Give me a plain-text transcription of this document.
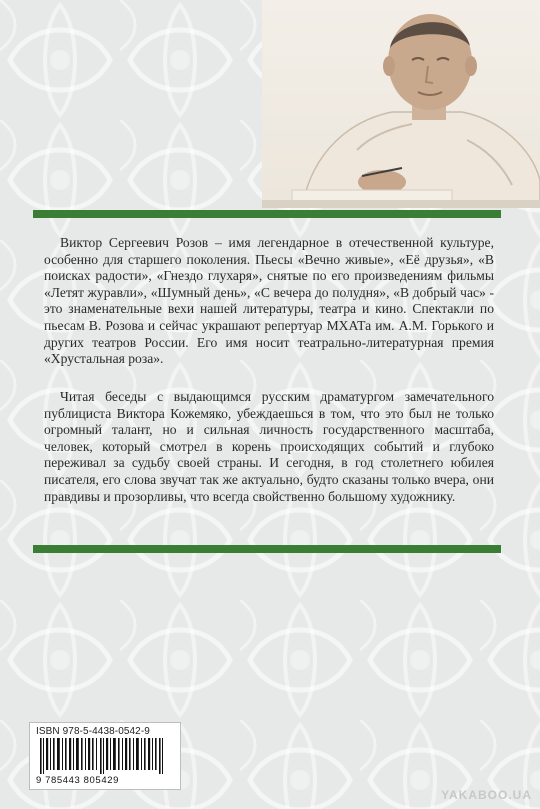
Виктор Сергеевич Розов – имя легендарное в отечественной культуре, особенно для старшего поколения. Пьесы «Вечно живые», «Её друзья», «В поисках радости», «Гнездо глухаря», снятые по его произведениям фильмы «Летят журавли», «Шумный день», «С вечера до полудня», «В добрый час» - это знаменательные вехи нашей литературы, театра и кино. Спектакли по пьесам В. Розова и сейчас украшают репертуар МХАТа им. А.М. Горького и других театров России. Его имя носит театрально-литературная премия «Хрустальная роза».

Читая беседы с выдающимся русским драматургом замечательного публициста Виктора Кожемяко, убеждаешься в том, что это был не только огромный талант, но и сильная личность государственного масштаба, человек, который смотрел в корень происходящих событий и глубоко переживал за судьбу своей страны. И сегодня, в год столетнего юбилея писателя, его слова звучат так же актуально, будто сказаны только вчера, они правдивы и прозорливы, что всегда свойственно большому художнику.

ISBN 978-5-4438-0542-9
9 785443 805429
YAKABOO.UA
